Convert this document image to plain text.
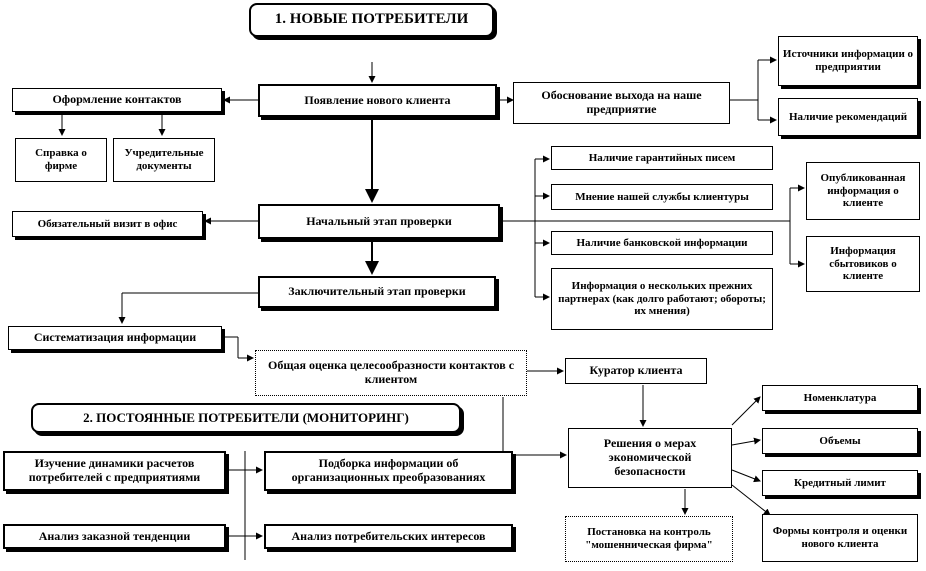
1. НОВЫЕ ПОТРЕБИТЕЛИ
2. ПОСТОЯННЫЕ ПОТРЕБИТЕЛИ (МОНИТОРИНГ)
Появление нового клиента
Начальный этап проверки
Заключительный этап проверки
Оформление контактов
Справка о фирме
Учредительные документы
Обязательный визит в офис
Систематизация информации
Обоснование выхода на наше предприятие
Источники информации о предприятии
Наличие рекомендаций
Наличие гарантийных писем
Мнение нашей службы клиентуры
Наличие банковской информации
Информация о нескольких прежних партнерах (как долго работают; обороты; их мнения)
Опубликованная информация о клиенте
Информация сбытовиков о клиенте
Общая оценка целесообразности контактов с клиентом
Куратор клиента
Решения о мерах экономической безопасности
Номенклатура
Объемы
Кредитный лимит
Формы контроля и оценки нового клиента
Постановка на контроль "мошенническая фирма"
Изучение динамики расчетов потребителей с предприятиями
Подборка информации об организационных преобразованиях
Анализ заказной тенденции	Анализ потребительских интересов
